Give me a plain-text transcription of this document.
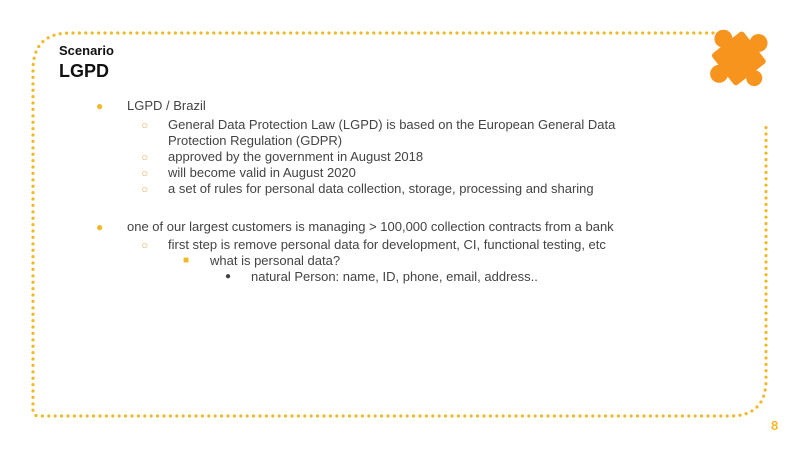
Scenario
LGPD
● LGPD / Brazil
○ General Data Protection Law (LGPD) is based on the European General Data
Protection Regulation (GDPR)
○ approved by the government in August 2018
○ will become valid in August 2020
○ a set of rules for personal data collection, storage, processing and sharing
● one of our largest customers is managing > 100,000 collection contracts from a bank
○ first step is remove personal data for development, CI, functional testing, etc
■ what is personal data?
● natural Person: name, ID, phone, email, address..
8
